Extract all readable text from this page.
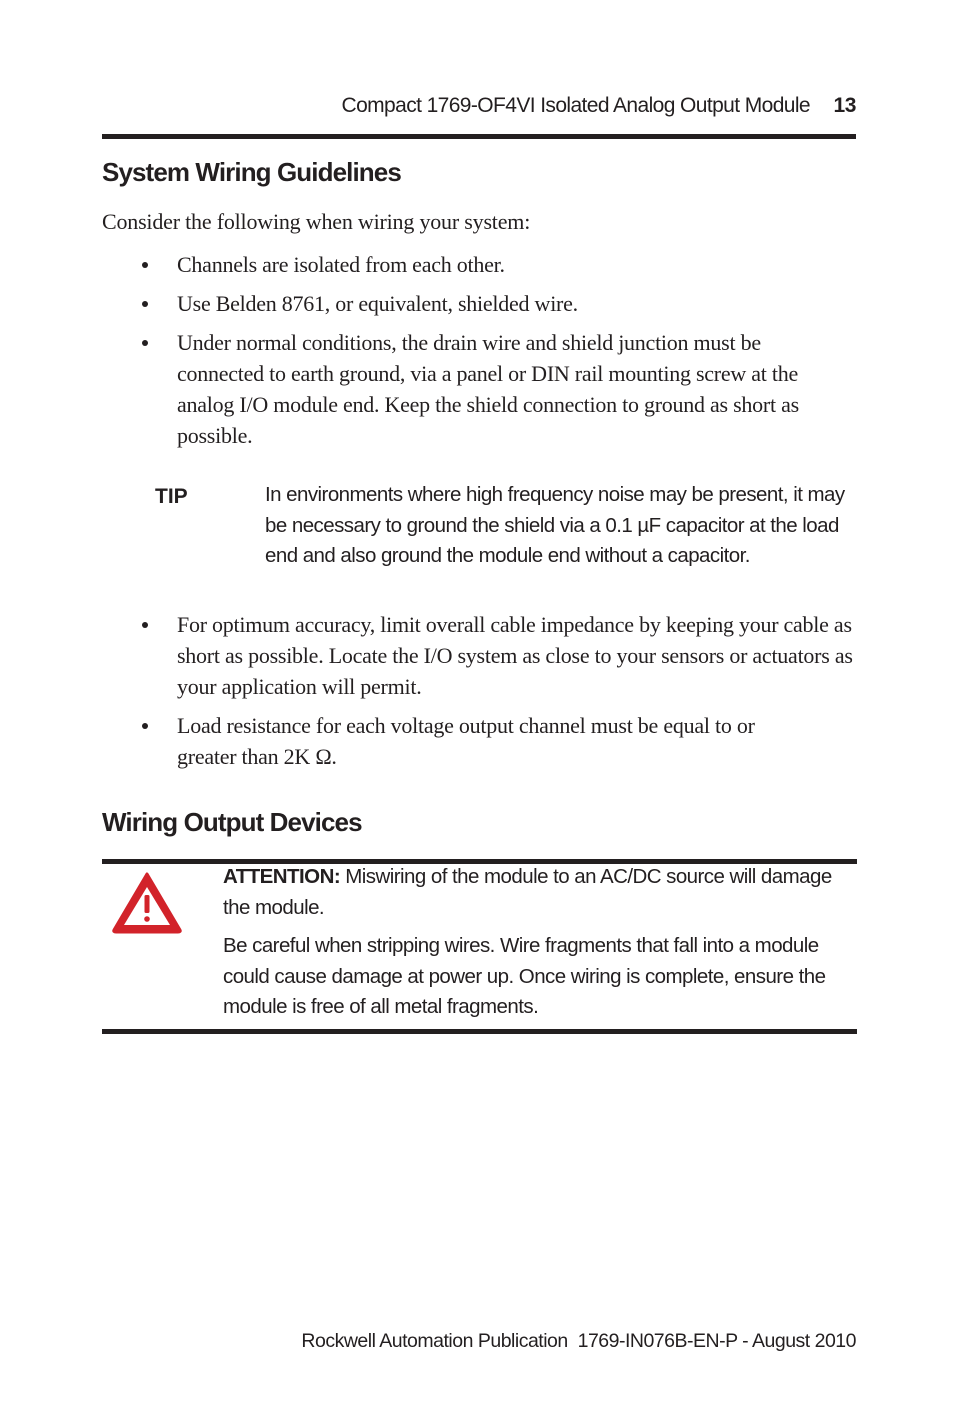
Compact 1769-OF4VI Isolated Analog Output Module 13
System Wiring Guidelines
Consider the following when wiring your system:
Channels are isolated from each other.
Use Belden 8761, or equivalent, shielded wire.
Under normal conditions, the drain wire and shield junction must be connected to earth ground, via a panel or DIN rail mounting screw at the analog I/O module end. Keep the shield connection to ground as short as possible.
TIP	In environments where high frequency noise may be present, it may be necessary to ground the shield via a 0.1 µF capacitor at the load end and also ground the module end without a capacitor.
For optimum accuracy, limit overall cable impedance by keeping your cable as short as possible. Locate the I/O system as close to your sensors or actuators as your application will permit.
Load resistance for each voltage output channel must be equal to or greater than 2K Ω.
Wiring Output Devices

ATTENTION: Miswiring of the module to an AC/DC source will damage the module.

Be careful when stripping wires. Wire fragments that fall into a module could cause damage at power up. Once wiring is complete, ensure the module is free of all metal fragments.

Rockwell Automation Publication 1769-IN076B-EN-P - August 2010
